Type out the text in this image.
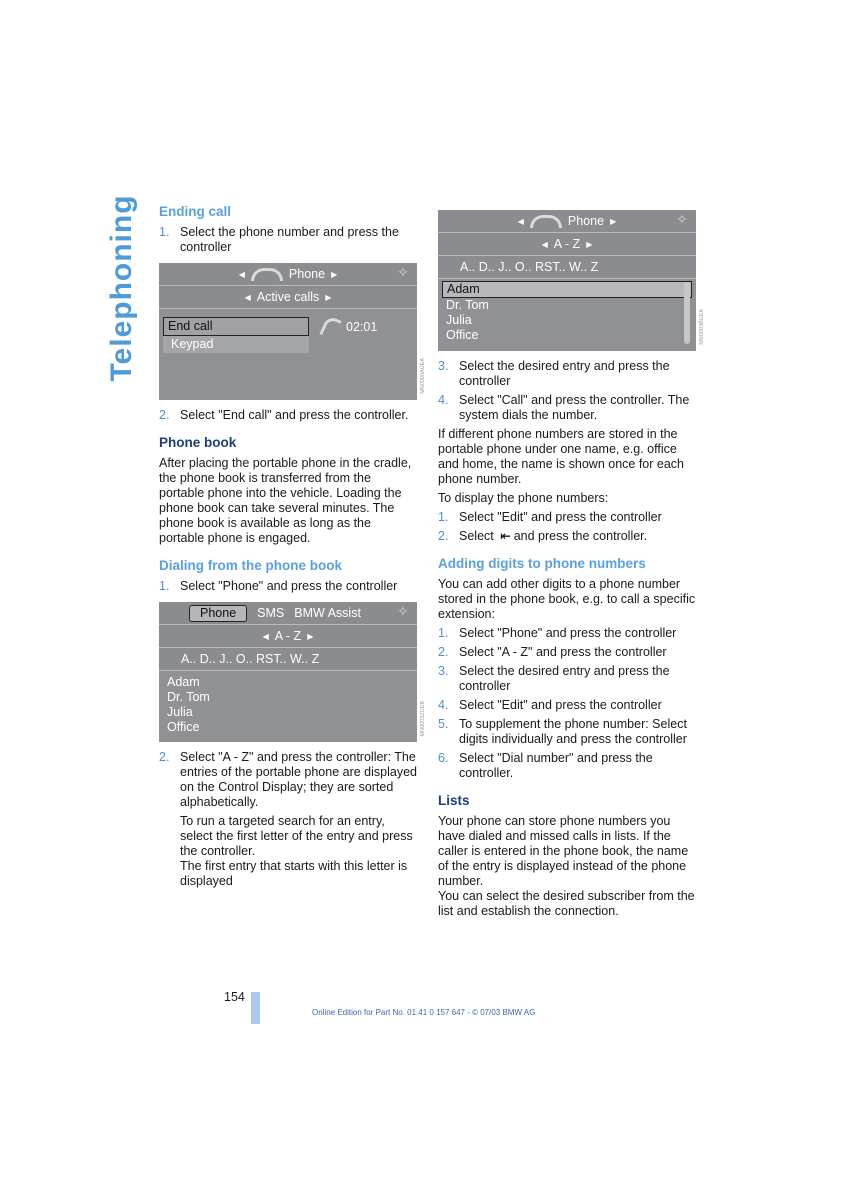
Telephoning Ending call
1. Select the phone number and press the controller
◀	Phone ▶	✧
◀ Active calls ▶
End call
Keypad
02:01
MN0000AUEA
2. Select "End call" and press the controller.
Phone book

After placing the portable phone in the cradle, the phone book is transferred from the portable phone into the vehicle. Loading the phone book can take several minutes. The phone book is available as long as the portable phone is engaged.

Dialing from the phone book
1. Select "Phone" and press the controller
Phone	SMS BMW Assist	✧
◀ A - Z ▶
A.. D.. J.. O.. RST.. W.. Z
Adam
Dr. Tom
Julia
Office	MN0003ZUEB
2. Select "A - Z" and press the controller: The entries of the portable phone are displayed on the Control Display; they are sorted alphabetically.

To run a targeted search for an entry, select the first letter of the entry and press the controller.

The first entry that starts with this letter is displayed

◀	Phone ▶	✧
◀ A - Z ▶
A.. D.. J.. O.. RST.. W.. Z
Adam
Dr. Tom
Julia
Office	MN0003BUEA
3. Select the desired entry and press the controller
4. Select "Call" and press the controller. The system dials the number.

If different phone numbers are stored in the portable phone under one name, e.g. office and home, the name is shown once for each phone number.

To display the phone numbers:

1. Select "Edit" and press the controller
2. Select ⇤ and press the controller.
Adding digits to phone numbers

You can add other digits to a phone number stored in the phone book, e.g. to call a specific extension:

1. Select "Phone" and press the controller
2. Select "A - Z" and press the controller
3. Select the desired entry and press the controller
4. Select "Edit" and press the controller
5. To supplement the phone number: Select digits individually and press the controller
6. Select "Dial number" and press the controller.
Lists

Your phone can store phone numbers you have dialed and missed calls in lists. If the caller is entered in the phone book, the name of the entry is displayed instead of the phone number.

You can select the desired subscriber from the list and establish the connection.

154
Online Edition for Part No. 01 41 0 157 647 - © 07/03 BMW AG
